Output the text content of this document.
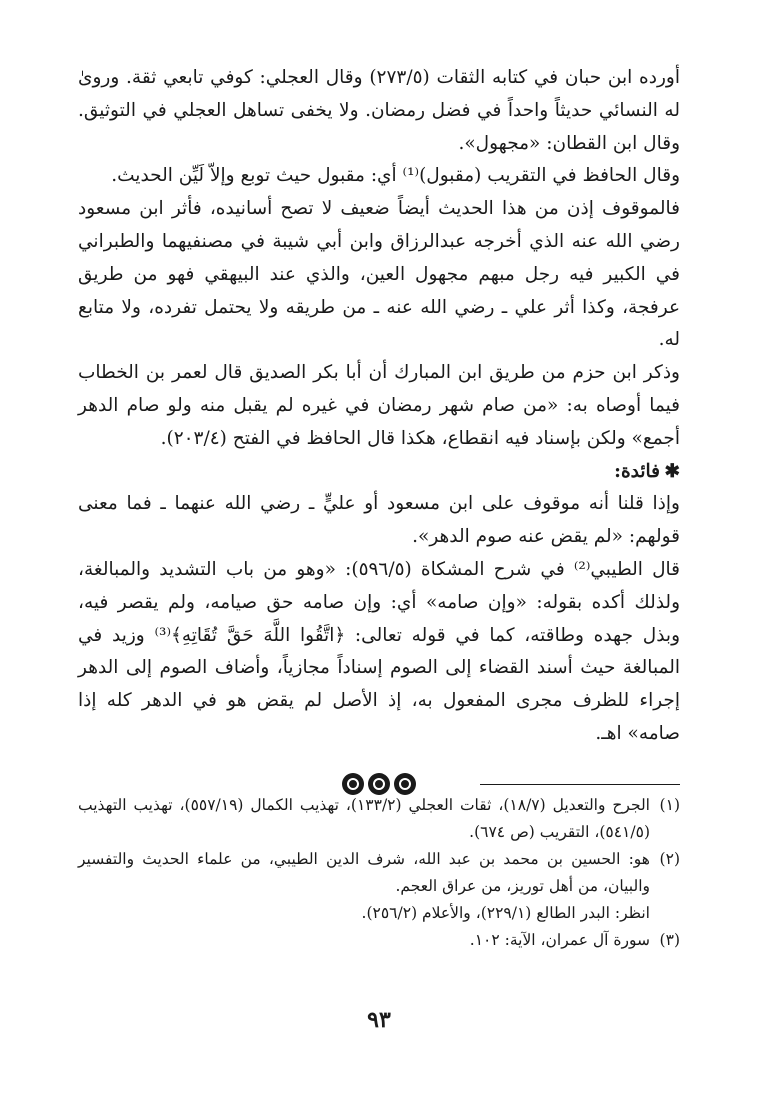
أورده ابن حبان في كتابه الثقات (٢٧٣/٥) وقال العجلي: كوفي تابعي ثقة. ورویٰ له النسائي حديثاً واحداً في فضل رمضان. ولا يخفى تساهل العجلي في التوثيق. وقال ابن القطان: «مجهول».

وقال الحافظ في التقريب (مقبول)⁽¹⁾ أي: مقبول حيث توبع وإلاّ لَيِّن الحديث.

فالموقوف إذن من هذا الحديث أيضاً ضعيف لا تصح أسانيده، فأثر ابن مسعود رضي الله عنه الذي أخرجه عبدالرزاق وابن أبي شيبة في مصنفيهما والطبراني في الكبير فيه رجل مبهم مجهول العين، والذي عند البيهقي فهو من طريق عرفجة، وكذا أثر علي ـ رضي الله عنه ـ من طريقه ولا يحتمل تفرده، ولا متابع له.

وذكر ابن حزم من طريق ابن المبارك أن أبا بكر الصديق قال لعمر بن الخطاب فيما أوصاه به: «من صام شهر رمضان في غيره لم يقبل منه ولو صام الدهر أجمع» ولكن بإسناد فيه انقطاع، هكذا قال الحافظ في الفتح (٢٠٣/٤).

✱فائدة:

وإذا قلنا أنه موقوف على ابن مسعود أو عليٍّ ـ رضي الله عنهما ـ فما معنى قولهم: «لم يقض عنه صوم الدهر».

قال الطيبي⁽²⁾ في شرح المشكاة (٥٩٦/٥): «وهو من باب التشديد والمبالغة، ولذلك أكده بقوله: «وإن صامه» أي: وإن صامه حق صيامه، ولم يقصر فيه، وبذل جهده وطاقته، كما في قوله تعالى: ﴿اتَّقُوا اللَّهَ حَقَّ تُقَاتِهِ﴾⁽³⁾ وزيد في المبالغة حيث أسند القضاء إلى الصوم إسناداً مجازياً، وأضاف الصوم إلى الدهر إجراء للظرف مجرى المفعول به، إذ الأصل لم يقض هو في الدهر كله إذا صامه» اهـ.

(١)

الجرح والتعديل (١٨/٧)، ثقات العجلي (١٣٣/٢)، تهذيب الكمال (٥٥٧/١٩)، تهذيب التهذيب (٥٤١/٥)، التقريب (ص ٦٧٤).

(٢)

هو: الحسين بن محمد بن عبد الله، شرف الدين الطيبي، من علماء الحديث والتفسير والبيان، من أهل توريز، من عراق العجم.

انظر: البدر الطالع (٢٢٩/١)، والأعلام (٢٥٦/٢).

(٣)

سورة آل عمران، الآية: ١٠٢.

٩٣
